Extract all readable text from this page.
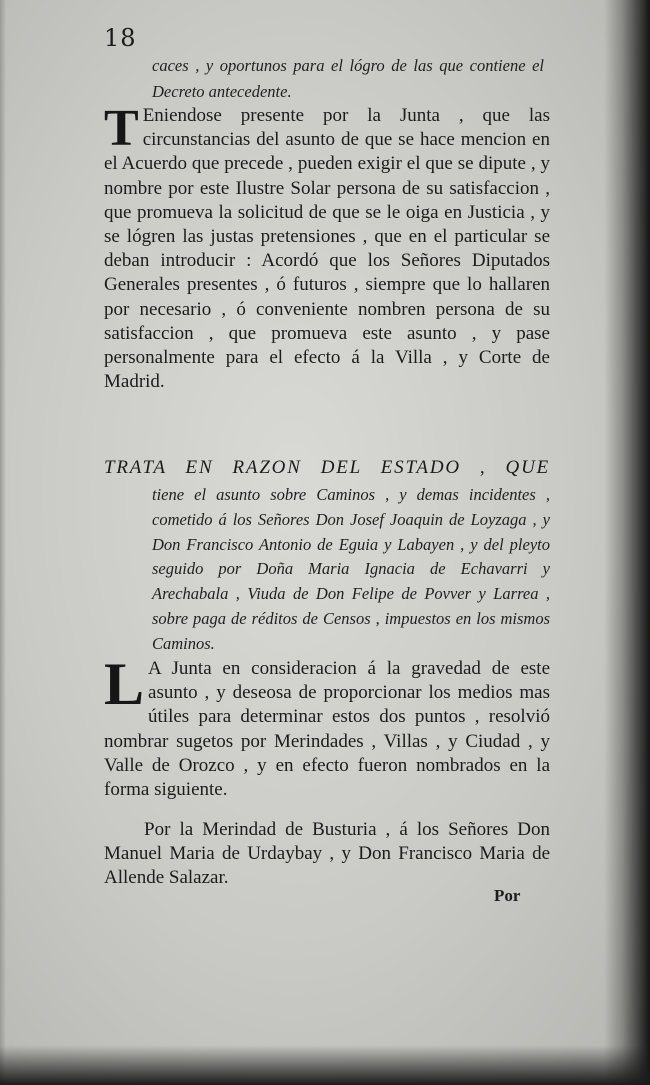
18
caces , y oportunos para el lógro de las que contiene el Decreto antecedente.
T Eniendose presente por la Junta , que las circunstancias del asunto de que se hace mencion en el Acuerdo que precede , pueden exigir el que se dipute , y nombre por este Ilustre Solar persona de su satisfaccion , que promueva la solicitud de que se le oiga en Justicia , y se lógren las justas pretensiones , que en el particular se deban introducir : Acordó que los Señores Diputados Generales presentes , ó futuros , siempre que lo hallaren por necesario , ó conveniente nombren persona de su satisfaccion , que promueva este asunto , y pase personalmente para el efecto á la Villa , y Corte de Madrid.
TRATA EN RAZON DEL ESTADO , QUE
tiene el asunto sobre Caminos , y demas incidentes , cometido á los Señores Don Josef Joaquin de Loyzaga , y Don Francisco Antonio de Eguia y Labayen , y del pleyto seguido por Doña Maria Ignacia de Echavarri y Arechabala , Viuda de Don Felipe de Povver y Larrea , sobre paga de réditos de Censos , impuestos en los mismos Caminos.
L A Junta en consideracion á la gravedad de este asunto , y deseosa de proporcionar los medios mas útiles para determinar estos dos puntos , resolvió nombrar sugetos por Merindades , Villas , y Ciudad , y Valle de Orozco , y en efecto fueron nombrados en la forma siguiente.
Por la Merindad de Busturia , á los Señores Don Manuel Maria de Urdaybay , y Don Francisco Maria de Allende Salazar.
Por
